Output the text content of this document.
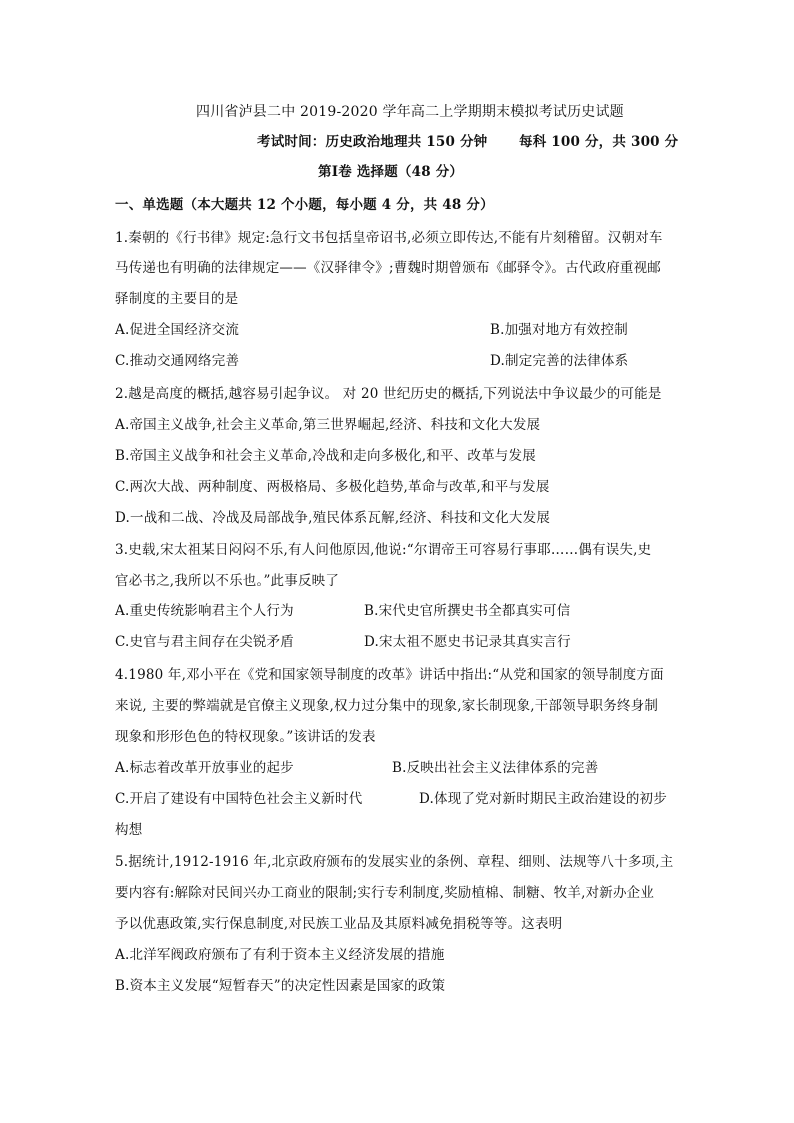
四川省泸县二中 2019-2020 学年高二上学期期末模拟考试历史试题
考试时间：历史政治地理共 150 分钟 每科 100 分，共 300 分
第Ⅰ卷 选择题（48 分）
一、单选题（本大题共 12 个小题，每小题 4 分，共 48 分）
1.秦朝的《行书律》规定:急行文书包括皇帝诏书,必须立即传达,不能有片刻稽留。汉朝对车
马传递也有明确的法律规定——《汉驿律令》;曹魏时期曾颁布《邮驿令》。古代政府重视邮
驿制度的主要目的是
A.促进全国经济交流	B.加强对地方有效控制
C.推动交通网络完善	D.制定完善的法律体系
2.越是高度的概括,越容易引起争议。 对 20 世纪历史的概括,下列说法中争议最少的可能是
A.帝国主义战争,社会主义革命,第三世界崛起,经济、科技和文化大发展
B.帝国主义战争和社会主义革命,冷战和走向多极化,和平、改革与发展
C.两次大战、两种制度、两极格局、多极化趋势,革命与改革,和平与发展
D.一战和二战、冷战及局部战争,殖民体系瓦解,经济、科技和文化大发展
3.史载,宋太祖某日闷闷不乐,有人问他原因,他说:“尔谓帝王可容易行事耶……偶有误失,史
官必书之,我所以不乐也。”此事反映了
A.重史传统影响君主个人行为	B.宋代史官所撰史书全都真实可信
C.史官与君主间存在尖锐矛盾	D.宋太祖不愿史书记录其真实言行
4.1980 年,邓小平在《党和国家领导制度的改革》讲话中指出:“从党和国家的领导制度方面
来说, 主要的弊端就是官僚主义现象,权力过分集中的现象,家长制现象,干部领导职务终身制
现象和形形色色的特权现象。”该讲话的发表
A.标志着改革开放事业的起步	B.反映出社会主义法律体系的完善
C.开启了建设有中国特色社会主义新时代	D.体现了党对新时期民主政治建设的初步
构想
5.据统计,1912-1916 年,北京政府颁布的发展实业的条例、章程、细则、法规等八十多项,主
要内容有:解除对民间兴办工商业的限制;实行专利制度,奖励植棉、制糖、牧羊,对新办企业
予以优惠政策,实行保息制度,对民族工业品及其原料减免捐税等等。这表明
A.北洋军阀政府颁布了有利于资本主义经济发展的措施
B.资本主义发展“短暂春天”的决定性因素是国家的政策
